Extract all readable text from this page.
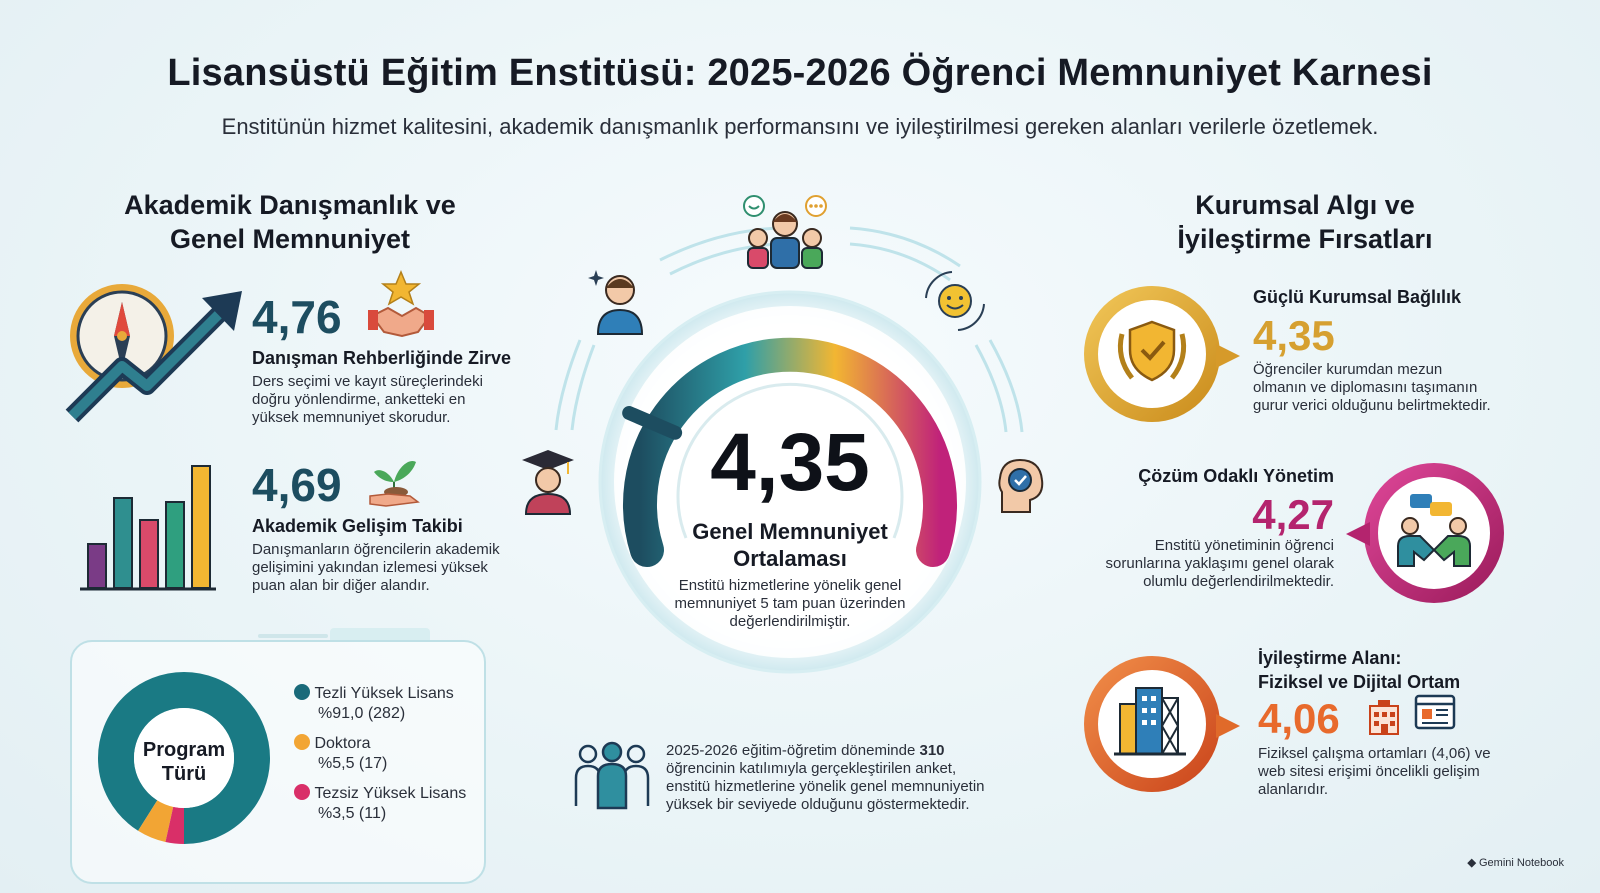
Lisansüstü Eğitim Enstitüsü: 2025-2026 Öğrenci Memnuniyet Karnesi
Enstitünün hizmet kalitesini, akademik danışmanlık performansını ve iyileştirilmesi gereken alanları verilerle özetlemek.
Akademik Danışmanlık ve
Genel Memnuniyet
4,76
Danışman Rehberliğinde Zirve
Ders seçimi ve kayıt süreçlerindeki
doğru yönlendirme, anketteki en
yüksek memnuniyet skorudur.
4,69
Akademik Gelişim Takibi
Danışmanların öğrencilerin akademik
gelişimini yakından izlemesi yüksek
puan alan bir diğer alandır.
Program
Türü
Tezli Yüksek Lisans
%91,0 (282)
Doktora
%5,5 (17)
Tezsiz Yüksek Lisans
%3,5 (11)
4,35
Genel Memnuniyet
Ortalaması
Enstitü hizmetlerine yönelik genel
memnuniyet 5 tam puan üzerinden
değerlendirilmiştir.
2025-2026 eğitim-öğretim döneminde 310
öğrencinin katılımıyla gerçekleştirilen anket,
enstitü hizmetlerine yönelik genel memnuniyetin
yüksek bir seviyede olduğunu göstermektedir.
Kurumsal Algı ve
İyileştirme Fırsatları
Güçlü Kurumsal Bağlılık
4,35
Öğrenciler kurumdan mezun
olmanın ve diplomasını taşımanın
gurur verici olduğunu belirtmektedir.
Çözüm Odaklı Yönetim
4,27
Enstitü yönetiminin öğrenci
sorunlarına yaklaşımı genel olarak
olumlu değerlendirilmektedir.
İyileştirme Alanı:
Fiziksel ve Dijital Ortam
4,06
Fiziksel çalışma ortamları (4,06) ve
web sitesi erişimi öncelikli gelişim
alanlarıdır.
◆ Gemini Notebook
